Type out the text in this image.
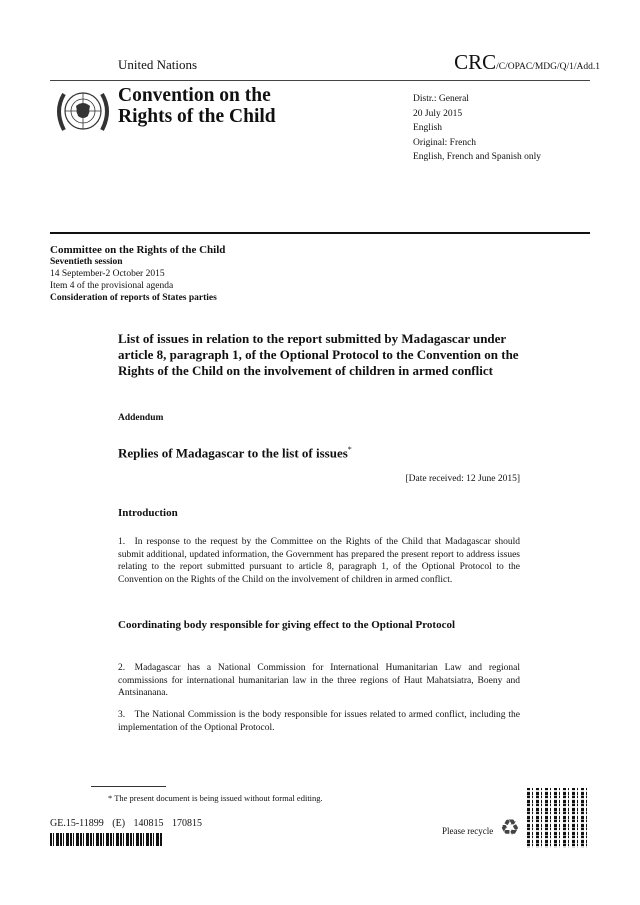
United Nations	CRC/C/OPAC/MDG/Q/1/Add.1
Convention on the
Rights of the Child
Distr.: General
20 July 2015
English
Original: French
English, French and Spanish only
Committee on the Rights of the Child
Seventieth session
14 September-2 October 2015
Item 4 of the provisional agenda
Consideration of reports of States parties
List of issues in relation to the report submitted by Madagascar under article 8, paragraph 1, of the Optional Protocol to the Convention on the Rights of the Child on the involvement of children in armed conflict
Addendum
Replies of Madagascar to the list of issues*
[Date received: 12 June 2015]
Introduction
1. In response to the request by the Committee on the Rights of the Child that Madagascar should submit additional, updated information, the Government has prepared the present report to address issues relating to the report submitted pursuant to article 8, paragraph 1, of the Optional Protocol to the Convention on the Rights of the Child on the involvement of children in armed conflict.
Coordinating body responsible for giving effect to the Optional Protocol
2. Madagascar has a National Commission for International Humanitarian Law and regional commissions for international humanitarian law in the three regions of Haut Mahatsiatra, Boeny and Antsinanana.
3. The National Commission is the body responsible for issues related to armed conflict, including the implementation of the Optional Protocol.
* The present document is being issued without formal editing.
GE.15-11899 (E) 140815 170815
Please recycle ♻
